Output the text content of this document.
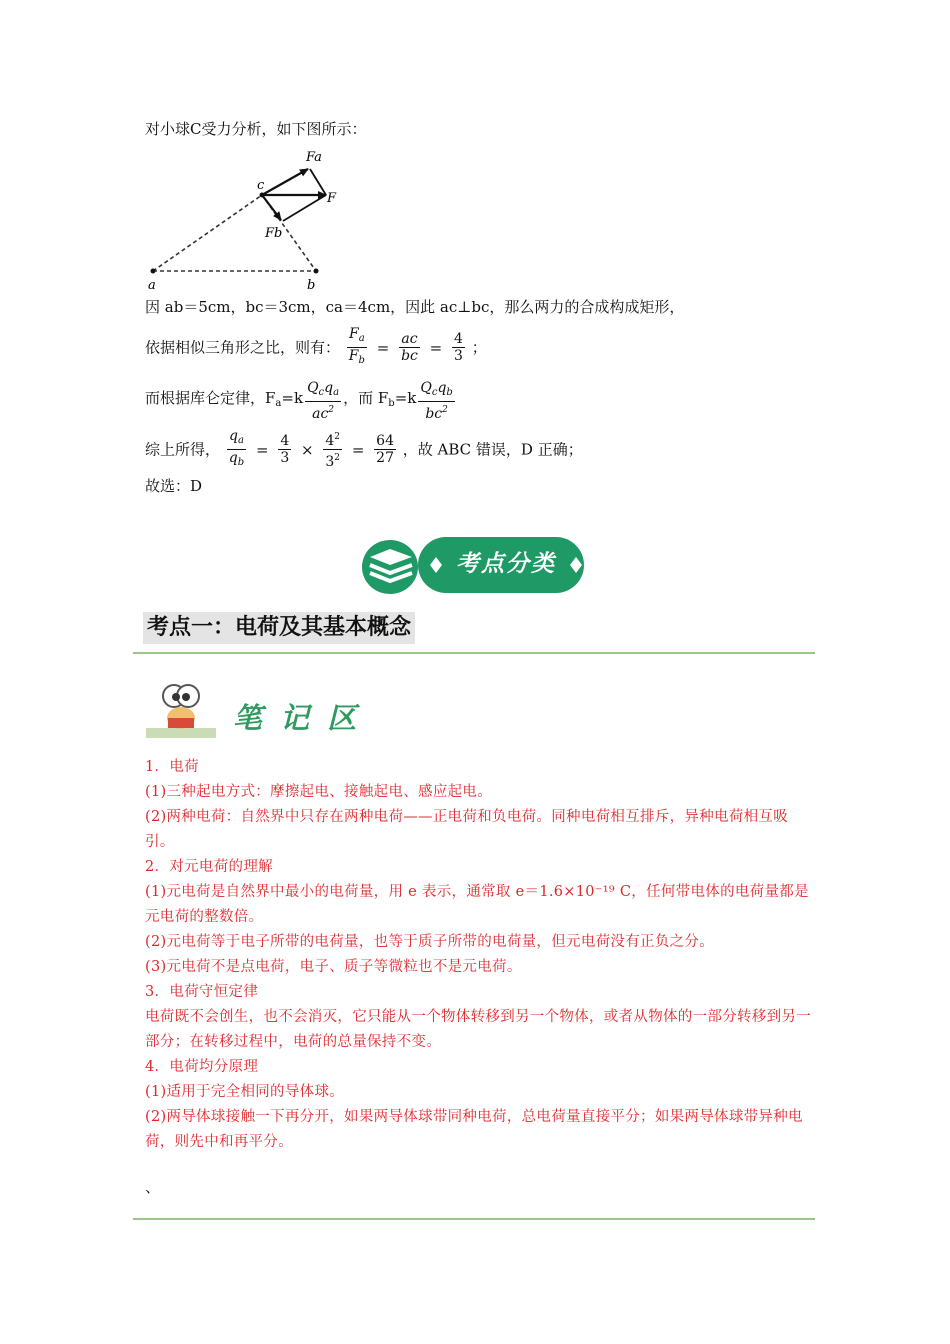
对小球C受力分析，如下图所示：
Fa
c
F
Fb
a	b
因 ab＝5cm，bc＝3cm，ca＝4cm，因此 ac⊥bc，那么两力的合成构成矩形，
依据相似三角形之比，则有： $\frac{F_a}{F_b} = \frac{ac}{bc} = \frac{4}{3}$ ；
而根据库仑定律，$F_a=k \frac{Q_cq_a}{ac^2}$ ，而 $F_b=k \frac{Q_cq_b}{bc^2}$
综上所得， $\frac{q_a}{q_b} = \frac{4}{3} \times \frac{4^2}{3^2} = \frac{64}{27}$ ，故 ABC 错误，D 正确；
故选：D
考点分类
考点一：电荷及其基本概念
笔 记 区

1．电荷

(1)三种起电方式：摩擦起电、接触起电、感应起电。

(2)两种电荷：自然界中只存在两种电荷——正电荷和负电荷。同种电荷相互排斥，异种电荷相互吸引。

2．对元电荷的理解

(1)元电荷是自然界中最小的电荷量，用 e 表示，通常取 e＝1.6×10⁻¹⁹ C，任何带电体的电荷量都是元电荷的整数倍。

(2)元电荷等于电子所带的电荷量，也等于质子所带的电荷量，但元电荷没有正负之分。

(3)元电荷不是点电荷，电子、质子等微粒也不是元电荷。

3．电荷守恒定律

电荷既不会创生，也不会消灭，它只能从一个物体转移到另一个物体，或者从物体的一部分转移到另一部分；在转移过程中，电荷的总量保持不变。

4．电荷均分原理

(1)适用于完全相同的导体球。

(2)两导体球接触一下再分开，如果两导体球带同种电荷，总电荷量直接平分；如果两导体球带异种电荷，则先中和再平分。

、
